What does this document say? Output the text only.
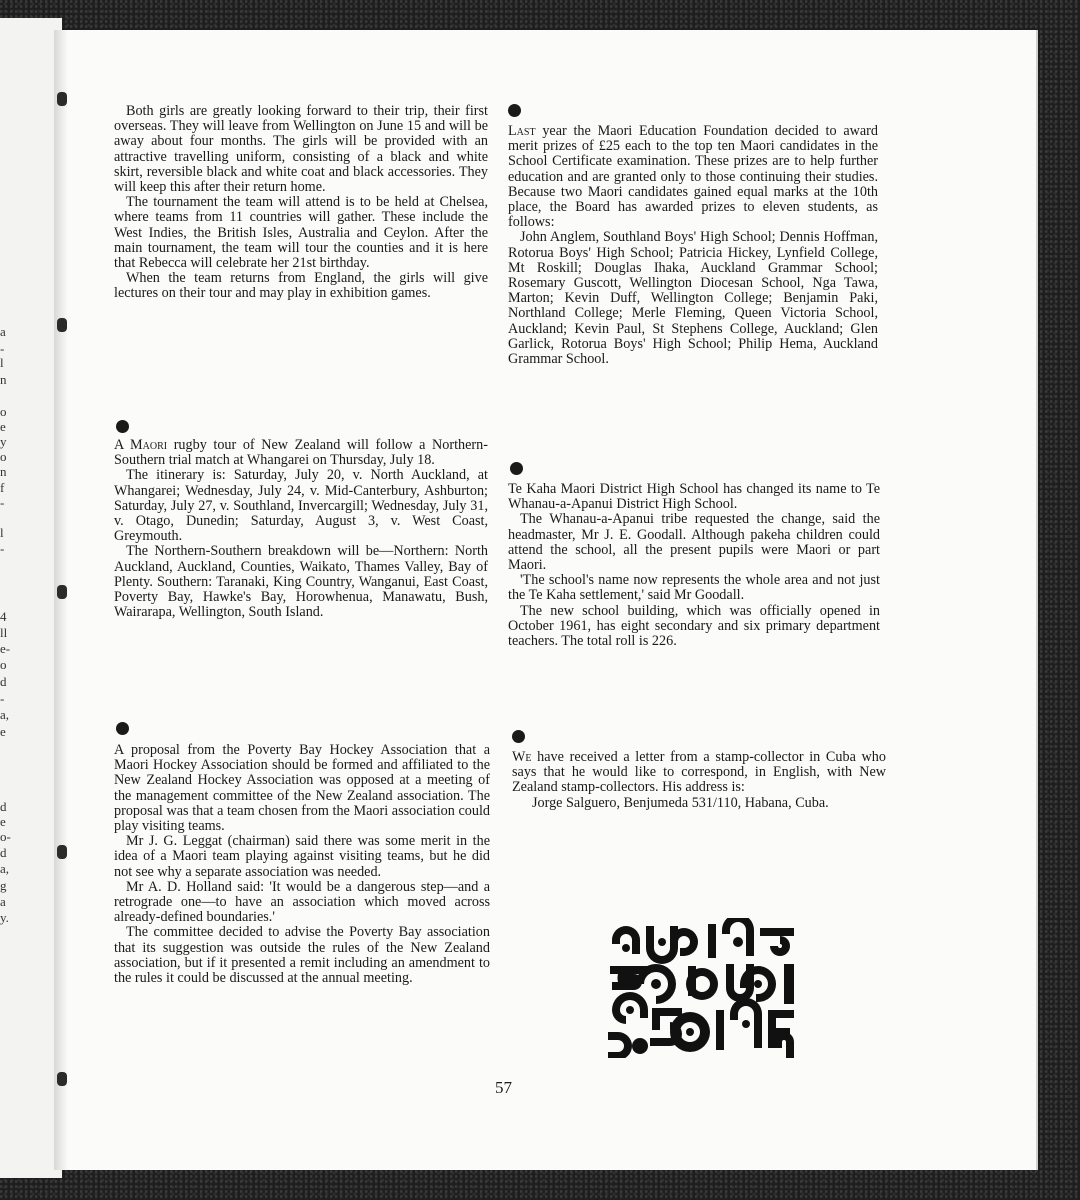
a
-
l
n
o
e
y
o
n
f
-
l
-
4
ll
e-
o
d
-
a,
e
d
e
o-
d
a,
g
a
y.

Both girls are greatly looking forward to their trip, their first overseas. They will leave from Wellington on June 15 and will be away about four months. The girls will be provided with an attractive travelling uniform, consisting of a black and white skirt, reversible black and white coat and black accessories. They will keep this after their return home.

The tournament the team will attend is to be held at Chelsea, where teams from 11 countries will gather. These include the West Indies, the British Isles, Australia and Ceylon. After the main tournament, the team will tour the counties and it is here that Rebecca will celebrate her 21st birthday.

When the team returns from England, the girls will give lectures on their tour and may play in exhibition games.

A Maori rugby tour of New Zealand will follow a Northern-Southern trial match at Whangarei on Thursday, July 18.

The itinerary is: Saturday, July 20, v. North Auckland, at Whangarei; Wednesday, July 24, v. Mid-Canterbury, Ashburton; Saturday, July 27, v. Southland, Invercargill; Wednesday, July 31, v. Otago, Dunedin; Saturday, August 3, v. West Coast, Greymouth.

The Northern-Southern breakdown will be—Northern: North Auckland, Auckland, Counties, Waikato, Thames Valley, Bay of Plenty. Southern: Taranaki, King Country, Wanganui, East Coast, Poverty Bay, Hawke's Bay, Horowhenua, Manawatu, Bush, Wairarapa, Wellington, South Island.

A proposal from the Poverty Bay Hockey Association that a Maori Hockey Association should be formed and affiliated to the New Zealand Hockey Association was opposed at a meeting of the management committee of the New Zealand association. The proposal was that a team chosen from the Maori association could play visiting teams.

Mr J. G. Leggat (chairman) said there was some merit in the idea of a Maori team playing against visiting teams, but he did not see why a separate association was needed.

Mr A. D. Holland said: 'It would be a dangerous step—and a retrograde one—to have an association which moved across already-defined boundaries.'

The committee decided to advise the Poverty Bay association that its suggestion was outside the rules of the New Zealand association, but if it presented a remit including an amendment to the rules it could be discussed at the annual meeting.

Last year the Maori Education Foundation decided to award merit prizes of £25 each to the top ten Maori candidates in the School Certificate examination. These prizes are to help further education and are granted only to those continuing their studies. Because two Maori candidates gained equal marks at the 10th place, the Board has awarded prizes to eleven students, as follows:

John Anglem, Southland Boys' High School; Dennis Hoffman, Rotorua Boys' High School; Patricia Hickey, Lynfield College, Mt Roskill; Douglas Ihaka, Auckland Grammar School; Rosemary Guscott, Wellington Diocesan School, Nga Tawa, Marton; Kevin Duff, Wellington College; Benjamin Paki, Northland College; Merle Fleming, Queen Victoria School, Auckland; Kevin Paul, St Stephens College, Auckland; Glen Garlick, Rotorua Boys' High School; Philip Hema, Auckland Grammar School.

Te Kaha Maori District High School has changed its name to Te Whanau-a-Apanui District High School.

The Whanau-a-Apanui tribe requested the change, said the headmaster, Mr J. E. Goodall. Although pakeha children could attend the school, all the present pupils were Maori or part Maori.

'The school's name now represents the whole area and not just the Te Kaha settlement,' said Mr Goodall.

The new school building, which was officially opened in October 1961, has eight secondary and six primary department teachers. The total roll is 226.

We have received a letter from a stamp-collector in Cuba who says that he would like to correspond, in English, with New Zealand stamp-collectors. His address is:

Jorge Salguero, Benjumeda 531/110, Habana, Cuba.

57
